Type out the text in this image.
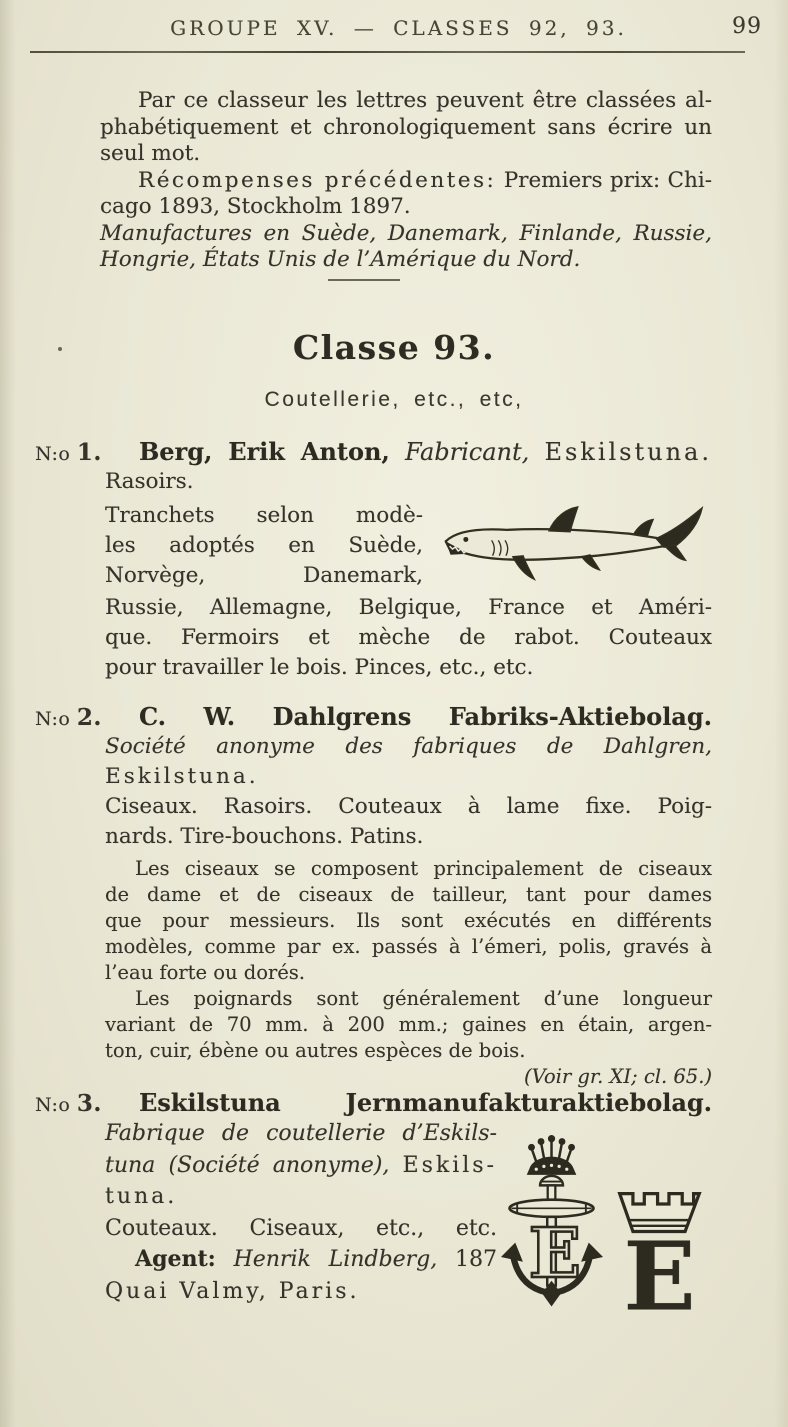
GROUPE XV. — CLASSES 92, 93.	99
Par ce classeur les lettres peuvent être classées al-
phabétiquement et chronologiquement sans écrire un
seul mot.
Récompenses précédentes: Premiers prix: Chi-
cago 1893, Stockholm 1897.
Manufactures en Suède, Danemark, Finlande, Russie,
Hongrie, États Unis de l’Amérique du Nord.
Classe 93.
Coutellerie, etc., etc,
N:o 1.	Berg, Erik Anton, Fabricant, Eskilstuna.
Rasoirs.
Tranchets selon modè-
les adoptés en Suède,
Norvège, Danemark,
Russie, Allemagne, Belgique, France et Améri-
que. Fermoirs et mèche de rabot. Couteaux
pour travailler le bois. Pinces, etc., etc.
N:o 2.	C. W. Dahlgrens Fabriks-Aktiebolag.
Société anonyme des fabriques de Dahlgren,
Eskilstuna.
Ciseaux. Rasoirs. Couteaux à lame fixe. Poig-
nards. Tire-bouchons. Patins.
Les ciseaux se composent principalement de ciseaux
de dame et de ciseaux de tailleur, tant pour dames
que pour messieurs. Ils sont exécutés en différents
modèles, comme par ex. passés à l’émeri, polis, gravés à
l’eau forte ou dorés.
Les poignards sont généralement d’une longueur
variant de 70 mm. à 200 mm.; gaines en étain, argen-
ton, cuir, ébène ou autres espèces de bois.
(Voir gr. XI; cl. 65.)
N:o 3.	Eskilstuna Jernmanufakturaktiebolag.
Fabrique de coutellerie d’Eskils-
tuna (Société anonyme), Eskils-
tuna.
Couteaux. Ciseaux, etc., etc.
Agent: Henrik Lindberg, 187
Quai Valmy, Paris.	E E
